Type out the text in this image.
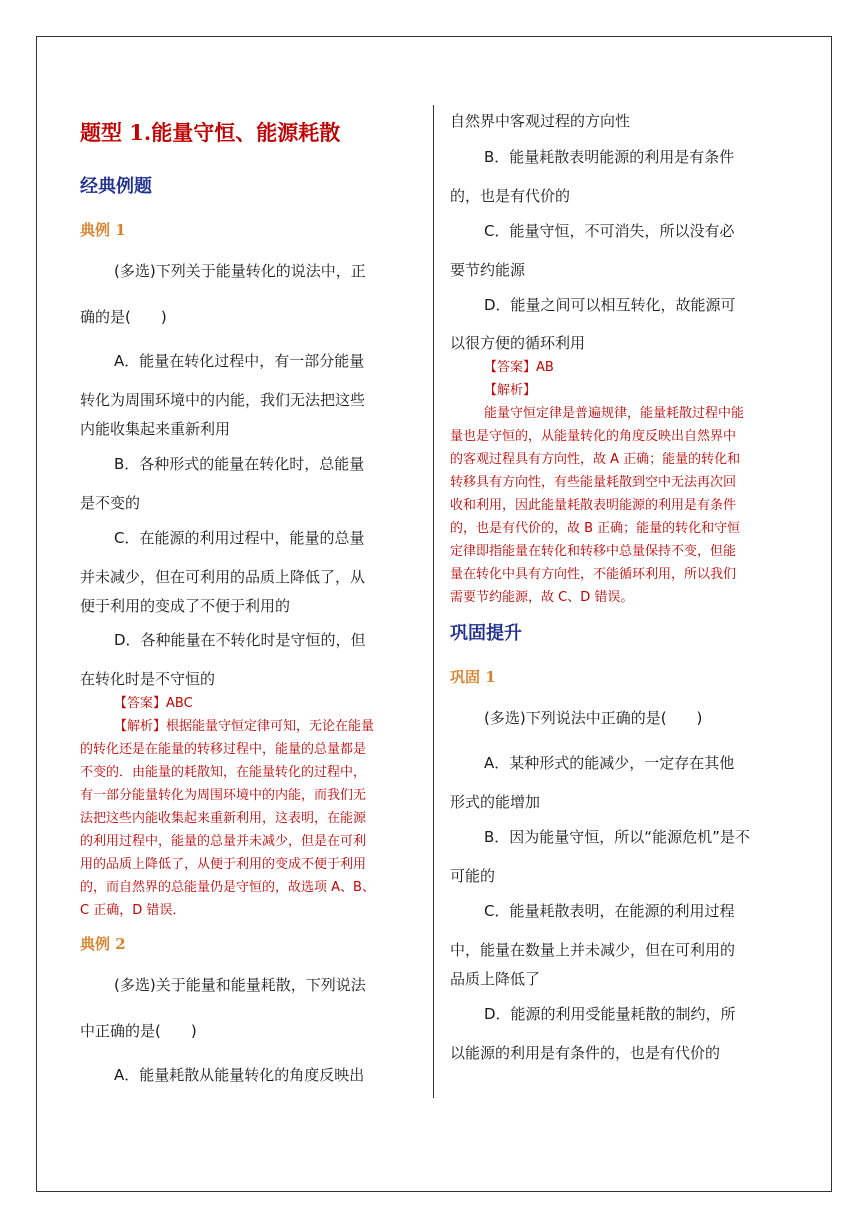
题型 1.能量守恒、能源耗散
经典例题
典例 1
(多选)下列关于能量转化的说法中，正
确的是(　　)
A．能量在转化过程中，有一部分能量
转化为周围环境中的内能，我们无法把这些
内能收集起来重新利用
B．各种形式的能量在转化时，总能量
是不变的
C．在能源的利用过程中，能量的总量
并未减少，但在可利用的品质上降低了，从
便于利用的变成了不便于利用的
D．各种能量在不转化时是守恒的，但
在转化时是不守恒的
【答案】ABC
【解析】根据能量守恒定律可知，无论在能量
的转化还是在能量的转移过程中，能量的总量都是
不变的．由能量的耗散知，在能量转化的过程中，
有一部分能量转化为周围环境中的内能，而我们无
法把这些内能收集起来重新利用，这表明，在能源
的利用过程中，能量的总量并未减少，但是在可利
用的品质上降低了，从便于利用的变成不便于利用
的，而自然界的总能量仍是守恒的，故选项 A、B、
C 正确，D 错误．
典例 2
(多选)关于能量和能量耗散，下列说法
中正确的是(　　)
A．能量耗散从能量转化的角度反映出
自然界中客观过程的方向性
B．能量耗散表明能源的利用是有条件
的，也是有代价的
C．能量守恒，不可消失，所以没有必
要节约能源
D．能量之间可以相互转化，故能源可
以很方便的循环利用
【答案】AB
【解析】
能量守恒定律是普遍规律，能量耗散过程中能
量也是守恒的，从能量转化的角度反映出自然界中
的客观过程具有方向性，故 A 正确；能量的转化和
转移具有方向性，有些能量耗散到空中无法再次回
收和利用，因此能量耗散表明能源的利用是有条件
的，也是有代价的，故 B 正确；能量的转化和守恒
定律即指能量在转化和转移中总量保持不变，但能
量在转化中具有方向性，不能循环利用，所以我们
需要节约能源，故 C、D 错误。
巩固提升
巩固 1
(多选)下列说法中正确的是(　　)
A．某种形式的能减少，一定存在其他
形式的能增加
B．因为能量守恒，所以“能源危机”是不
可能的
C．能量耗散表明，在能源的利用过程
中，能量在数量上并未减少，但在可利用的
品质上降低了
D．能源的利用受能量耗散的制约，所
以能源的利用是有条件的，也是有代价的
